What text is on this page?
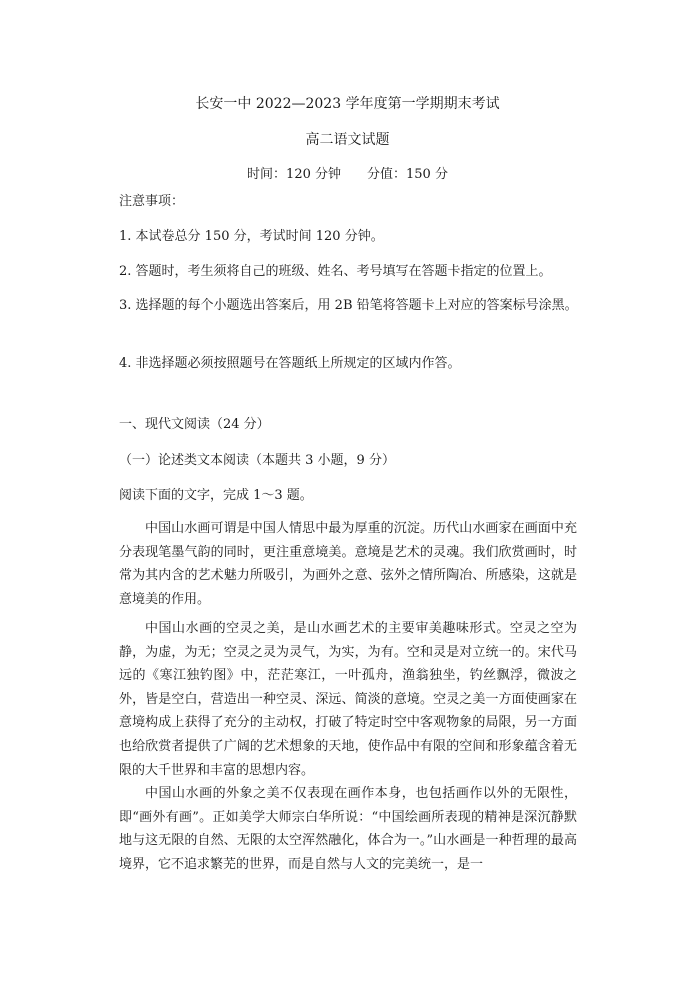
长安一中 2022—2023 学年度第一学期期末考试

高二语文试题

时间：120 分钟　　分值：150 分

注意事项：

1. 本试卷总分 150 分，考试时间 120 分钟。

2. 答题时，考生须将自己的班级、姓名、考号填写在答题卡指定的位置上。

3. 选择题的每个小题选出答案后，用 2B 铅笔将答题卡上对应的答案标号涂黑。

4. 非选择题必须按照题号在答题纸上所规定的区域内作答。

一、现代文阅读（24 分）

（一）论述类文本阅读（本题共 3 小题，9 分）

阅读下面的文字，完成 1～3 题。

中国山水画可谓是中国人情思中最为厚重的沉淀。历代山水画家在画面中充分表现笔墨气韵的同时，更注重意境美。意境是艺术的灵魂。我们欣赏画时，时常为其内含的艺术魅力所吸引，为画外之意、弦外之情所陶冶、所感染，这就是意境美的作用。

中国山水画的空灵之美，是山水画艺术的主要审美趣味形式。空灵之空为静，为虚，为无；空灵之灵为灵气，为实，为有。空和灵是对立统一的。宋代马远的《寒江独钓图》中，茫茫寒江，一叶孤舟，渔翁独坐，钓丝飘浮，微波之外，皆是空白，营造出一种空灵、深远、简淡的意境。空灵之美一方面使画家在意境构成上获得了充分的主动权，打破了特定时空中客观物象的局限，另一方面也给欣赏者提供了广阔的艺术想象的天地，使作品中有限的空间和形象蕴含着无限的大千世界和丰富的思想内容。

中国山水画的外象之美不仅表现在画作本身，也包括画作以外的无限性，即“画外有画”。正如美学大师宗白华所说：“中国绘画所表现的精神是深沉静默地与这无限的自然、无限的太空浑然融化，体合为一。”山水画是一种哲理的最高境界，它不追求繁芜的世界，而是自然与人文的完美统一，是一
